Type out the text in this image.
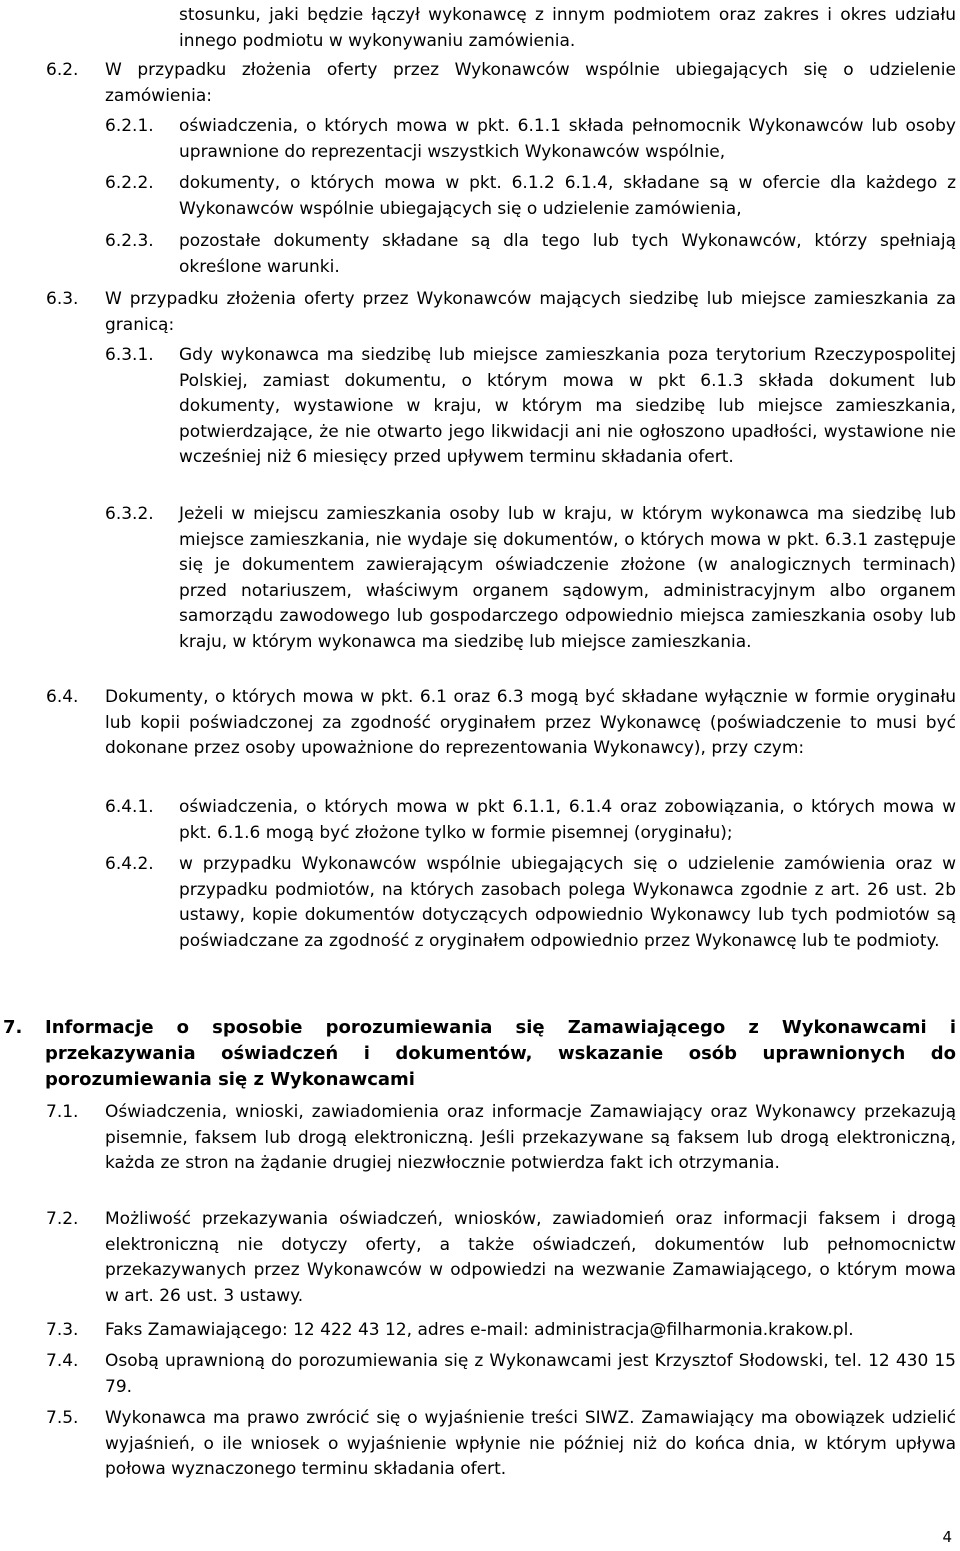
stosunku, jaki będzie łączył wykonawcę z innym podmiotem oraz zakres i okres udziału innego podmiotu w wykonywaniu zamówienia.
6.2. W przypadku złożenia oferty przez Wykonawców wspólnie ubiegających się o udzielenie zamówienia:
6.2.1. oświadczenia, o których mowa w pkt. 6.1.1 składa pełnomocnik Wykonawców lub osoby uprawnione do reprezentacji wszystkich Wykonawców wspólnie,
6.2.2. dokumenty, o których mowa w pkt. 6.1.2 6.1.4, składane są w ofercie dla każdego z Wykonawców wspólnie ubiegających się o udzielenie zamówienia,
6.2.3. pozostałe dokumenty składane są dla tego lub tych Wykonawców, którzy spełniają określone warunki.
6.3. W przypadku złożenia oferty przez Wykonawców mających siedzibę lub miejsce zamieszkania za granicą:
6.3.1. Gdy wykonawca ma siedzibę lub miejsce zamieszkania poza terytorium Rzeczypospolitej Polskiej, zamiast dokumentu, o którym mowa w pkt 6.1.3 składa dokument lub dokumenty, wystawione w kraju, w którym ma siedzibę lub miejsce zamieszkania, potwierdzające, że nie otwarto jego likwidacji ani nie ogłoszono upadłości, wystawione nie wcześniej niż 6 miesięcy przed upływem terminu składania ofert.
6.3.2. Jeżeli w miejscu zamieszkania osoby lub w kraju, w którym wykonawca ma siedzibę lub miejsce zamieszkania, nie wydaje się dokumentów, o których mowa w pkt. 6.3.1 zastępuje się je dokumentem zawierającym oświadczenie złożone (w analogicznych terminach) przed notariuszem, właściwym organem sądowym, administracyjnym albo organem samorządu zawodowego lub gospodarczego odpowiednio miejsca zamieszkania osoby lub kraju, w którym wykonawca ma siedzibę lub miejsce zamieszkania.
6.4. Dokumenty, o których mowa w pkt. 6.1 oraz 6.3 mogą być składane wyłącznie w formie oryginału lub kopii poświadczonej za zgodność oryginałem przez Wykonawcę (poświadczenie to musi być dokonane przez osoby upoważnione do reprezentowania Wykonawcy), przy czym:
6.4.1. oświadczenia, o których mowa w pkt 6.1.1, 6.1.4 oraz zobowiązania, o których mowa w pkt. 6.1.6 mogą być złożone tylko w formie pisemnej (oryginału);
6.4.2. w przypadku Wykonawców wspólnie ubiegających się o udzielenie zamówienia oraz w przypadku podmiotów, na których zasobach polega Wykonawca zgodnie z art. 26 ust. 2b ustawy, kopie dokumentów dotyczących odpowiednio Wykonawcy lub tych podmiotów są poświadczane za zgodność z oryginałem odpowiednio przez Wykonawcę lub te podmioty.
7. Informacje o sposobie porozumiewania się Zamawiającego z Wykonawcami i przekazywania oświadczeń i dokumentów, wskazanie osób uprawnionych do porozumiewania się z Wykonawcami
7.1. Oświadczenia, wnioski, zawiadomienia oraz informacje Zamawiający oraz Wykonawcy przekazują pisemnie, faksem lub drogą elektroniczną. Jeśli przekazywane są faksem lub drogą elektroniczną, każda ze stron na żądanie drugiej niezwłocznie potwierdza fakt ich otrzymania.
7.2. Możliwość przekazywania oświadczeń, wniosków, zawiadomień oraz informacji faksem i drogą elektroniczną nie dotyczy oferty, a także oświadczeń, dokumentów lub pełnomocnictw przekazywanych przez Wykonawców w odpowiedzi na wezwanie Zamawiającego, o którym mowa w art. 26 ust. 3 ustawy.
7.3. Faks Zamawiającego: 12 422 43 12, adres e-mail: administracja@filharmonia.krakow.pl.
7.4. Osobą uprawnioną do porozumiewania się z Wykonawcami jest Krzysztof Słodowski, tel. 12 430 15 79.
7.5. Wykonawca ma prawo zwrócić się o wyjaśnienie treści SIWZ. Zamawiający ma obowiązek udzielić wyjaśnień, o ile wniosek o wyjaśnienie wpłynie nie później niż do końca dnia, w którym upływa połowa wyznaczonego terminu składania ofert.
4
